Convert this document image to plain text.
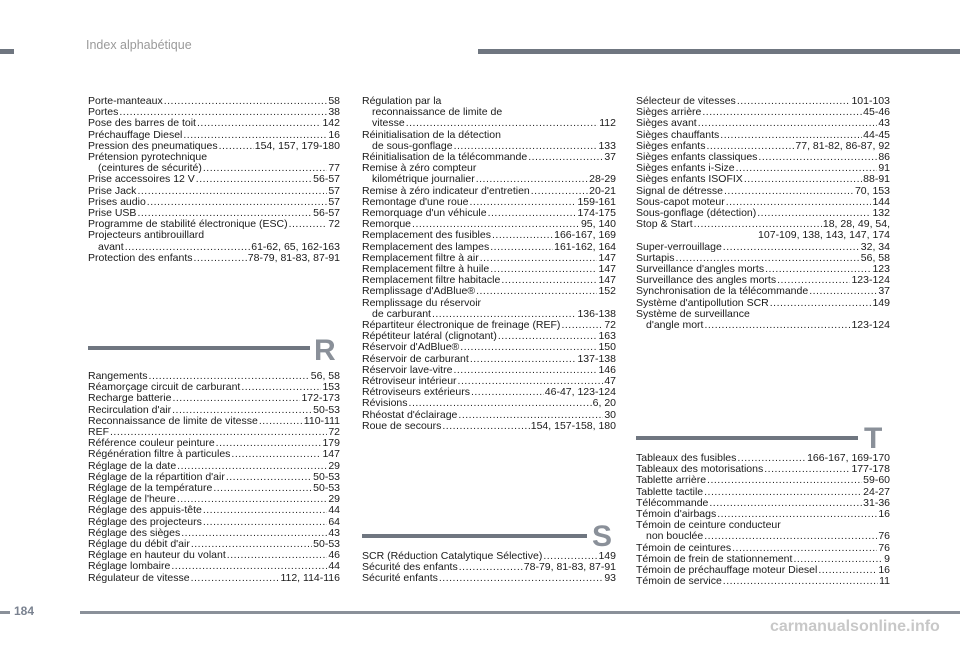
Index alphabétique
Porte-manteaux .....	58
Portes .....	38
Pose des barres de toit .....	142
Préchauffage Diesel .....	16
Pression des pneumatiques .....	154, 157, 179-180
Prétension pyrotechnique
(ceintures de sécurité) .....	77
Prise accessoires 12 V .....	56-57
Prise Jack .....	57
Prises audio .....	57
Prise USB .....	56-57
Programme de stabilité électronique (ESC) .....	72
Projecteurs antibrouillard
avant .....	61-62, 65, 162-163
Protection des enfants .....	78-79, 81-83, 87-91
R
Rangements .....	56, 58
Réamorçage circuit de carburant .....	153
Recharge batterie .....	172-173
Recirculation d'air .....	50-53
Reconnaissance de limite de vitesse .....	110-111
REF .....	72
Référence couleur peinture .....	179
Régénération filtre à particules .....	147
Réglage de la date .....	29
Réglage de la répartition d'air .....	50-53
Réglage de la température .....	50-53
Réglage de l'heure .....	29
Réglage des appuis-tête .....	44
Réglage des projecteurs .....	64
Réglage des sièges .....	43
Réglage du débit d'air .....	50-53
Réglage en hauteur du volant .....	46
Réglage lombaire .....	44
Régulateur de vitesse .....	112, 114-116
Régulation par la
reconnaissance de limite de
vitesse .....	112
Réinitialisation de la détection
de sous-gonflage .....	133
Réinitialisation de la télécommande .....	37
Remise à zéro compteur
kilométrique journalier .....	28-29
Remise à zéro indicateur d'entretien .....	20-21
Remontage d'une roue .....	159-161
Remorquage d'un véhicule .....	174-175
Remorque .....	95, 140
Remplacement des fusibles .....	166-167, 169
Remplacement des lampes .....	161-162, 164
Remplacement filtre à air .....	147
Remplacement filtre à huile .....	147
Remplacement filtre habitacle .....	147
Remplissage d'AdBlue® .....	152
Remplissage du réservoir
de carburant .....	136-138
Répartiteur électronique de freinage (REF) .....	72
Répétiteur latéral (clignotant) .....	163
Réservoir d'AdBlue® .....	150
Réservoir de carburant .....	137-138
Réservoir lave-vitre .....	146
Rétroviseur intérieur .....	47
Rétroviseurs extérieurs .....	46-47, 123-124
Révisions .....	6, 20
Rhéostat d'éclairage .....	30
Roue de secours .....	154, 157-158, 180
S
SCR (Réduction Catalytique Sélective) .....	149
Sécurité des enfants .....	78-79, 81-83, 87-91
Sécurité enfants .....	93
Sélecteur de vitesses .....	101-103
Sièges arrière .....	45-46
Sièges avant .....	43
Sièges chauffants .....	44-45
Sièges enfants .....	77, 81-82, 86-87, 92
Sièges enfants classiques .....	86
Sièges enfants i-Size .....	91
Sièges enfants ISOFIX .....	88-91
Signal de détresse .....	70, 153
Sous-capot moteur .....	144
Sous-gonflage (détection) .....	132
Stop & Start .....	18, 28, 49, 54,
107-109, 138, 143, 147, 174
Super-verrouillage .....	32, 34
Surtapis .....	56, 58
Surveillance d'angles morts .....	123
Surveillance des angles morts .....	123-124
Synchronisation de la télécommande .....	37
Système d'antipollution SCR .....	149
Système de surveillance
d'angle mort .....	123-124
T
Tableaux des fusibles .....	166-167, 169-170
Tableaux des motorisations .....	177-178
Tablette arrière .....	59-60
Tablette tactile .....	24-27
Télécommande .....	31-36
Témoin d'airbags .....	16
Témoin de ceinture conducteur
non bouclée .....	76
Témoin de ceintures .....	76
Témoin de frein de stationnement .....	9
Témoin de préchauffage moteur Diesel .....	16
Témoin de service .....	11
184
carmanualsonline.info
